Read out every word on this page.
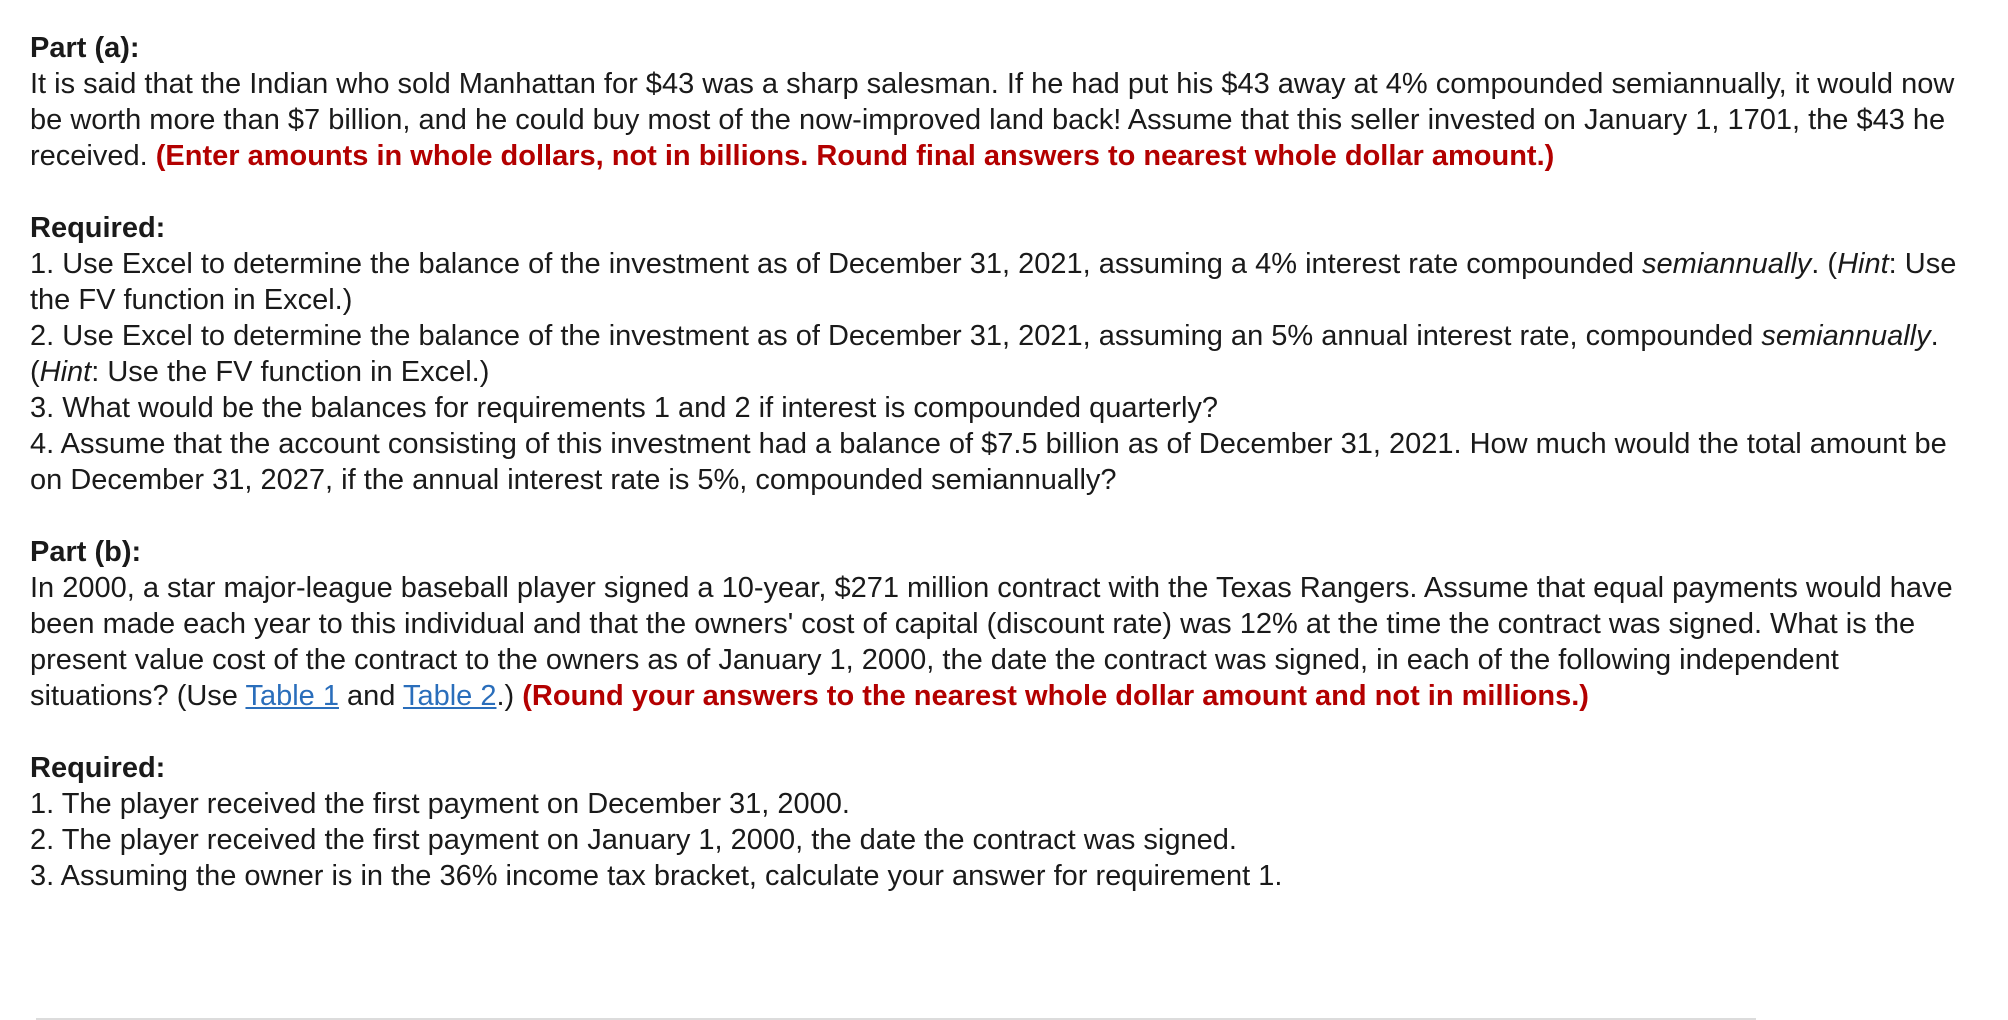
Part (a):
It is said that the Indian who sold Manhattan for $43 was a sharp salesman. If he had put his $43 away at 4% compounded semiannually, it would now be worth more than $7 billion, and he could buy most of the now-improved land back! Assume that this seller invested on January 1, 1701, the $43 he received. (Enter amounts in whole dollars, not in billions. Round final answers to nearest whole dollar amount.)
Required:
1. Use Excel to determine the balance of the investment as of December 31, 2021, assuming a 4% interest rate compounded semiannually. (Hint: Use the FV function in Excel.)
2. Use Excel to determine the balance of the investment as of December 31, 2021, assuming an 5% annual interest rate, compounded semiannually. (Hint: Use the FV function in Excel.)
3. What would be the balances for requirements 1 and 2 if interest is compounded quarterly?
4. Assume that the account consisting of this investment had a balance of $7.5 billion as of December 31, 2021. How much would the total amount be on December 31, 2027, if the annual interest rate is 5%, compounded semiannually?
Part (b):
In 2000, a star major-league baseball player signed a 10-year, $271 million contract with the Texas Rangers. Assume that equal payments would have been made each year to this individual and that the owners' cost of capital (discount rate) was 12% at the time the contract was signed. What is the present value cost of the contract to the owners as of January 1, 2000, the date the contract was signed, in each of the following independent situations? (Use Table 1 and Table 2.) (Round your answers to the nearest whole dollar amount and not in millions.)
Required:
1. The player received the first payment on December 31, 2000.
2. The player received the first payment on January 1, 2000, the date the contract was signed.
3. Assuming the owner is in the 36% income tax bracket, calculate your answer for requirement 1.
